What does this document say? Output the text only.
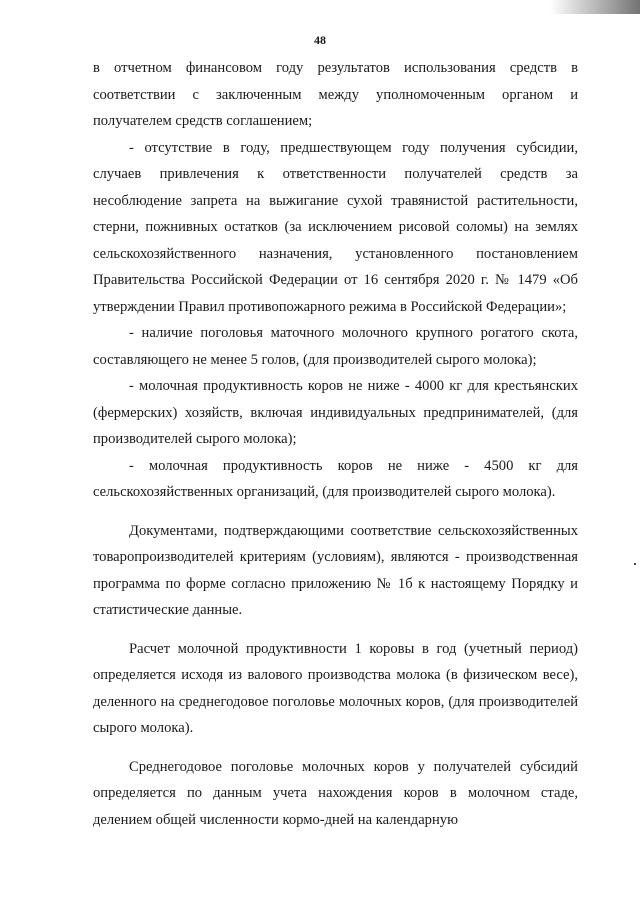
48

в отчетном финансовом году результатов использования средств в соответствии с заключенным между уполномоченным органом и получателем средств соглашением;

- отсутствие в году, предшествующем году получения субсидии, случаев привлечения к ответственности получателей средств за несоблюдение запрета на выжигание сухой травянистой растительности, стерни, пожнивных остатков (за исключением рисовой соломы) на землях сельскохозяйственного назначения, установленного постановлением Правительства Российской Федерации от 16 сентября 2020 г. № 1479 «Об утверждении Правил противопожарного режима в Российской Федерации»;

- наличие поголовья маточного молочного крупного рогатого скота, составляющего не менее 5 голов, (для производителей сырого молока);

- молочная продуктивность коров не ниже - 4000 кг для крестьянских (фермерских) хозяйств, включая индивидуальных предпринимателей, (для производителей сырого молока);

- молочная продуктивность коров не ниже - 4500 кг для сельскохозяйственных организаций, (для производителей сырого молока).

Документами, подтверждающими соответствие сельскохозяйственных товаропроизводителей критериям (условиям), являются - производственная программа по форме согласно приложению № 1б к настоящему Порядку и статистические данные.

Расчет молочной продуктивности 1 коровы в год (учетный период) определяется исходя из валового производства молока (в физическом весе), деленного на среднегодовое поголовье молочных коров, (для производителей сырого молока).

Среднегодовое поголовье молочных коров у получателей субсидий определяется по данным учета нахождения коров в молочном стаде, делением общей численности кормо-дней на календарную
